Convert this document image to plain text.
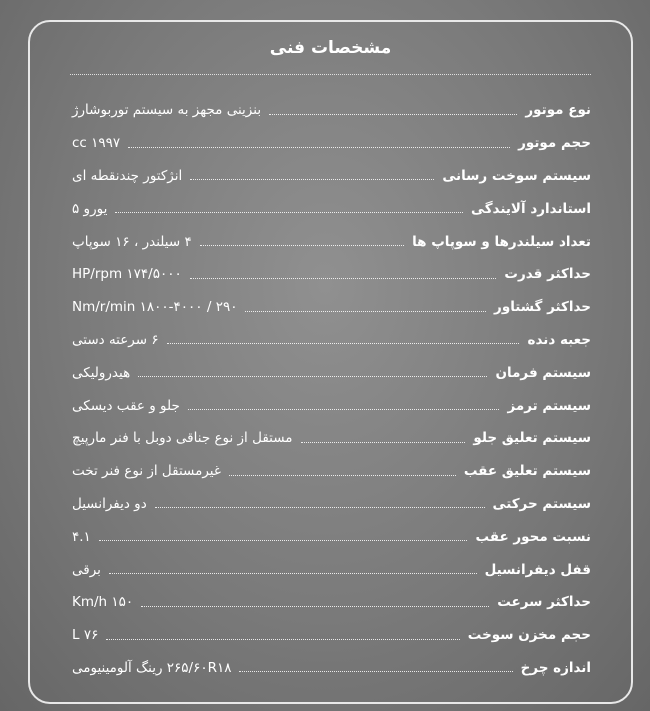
مشخصات فنی
نوع موتور
بنزینی مجهز به سیستم توربوشارژ
حجم موتور
۱۹۹۷ cc
سیستم سوخت رسانی
انژکتور چندنقطه ای
استاندارد آلایندگی
یورو ۵
تعداد سیلندرها و سوپاپ ها
۴ سیلندر ، ۱۶ سوپاپ
حداکثر قدرت
۱۷۴/۵۰۰۰ HP/rpm
حداکثر گشتاور
۲۹۰ / ۱۸۰۰-۴۰۰۰ Nm/r/min
جعبه دنده
۶ سرعته دستی
سیستم فرمان
هیدرولیکی
سیستم ترمز
جلو و عقب دیسکی
سیستم تعلیق جلو
مستقل از نوع جناقی دوبل با فنر مارپیچ
سیستم تعلیق عقب
غیرمستقل از نوع فنر تخت
سیستم حرکتی
دو دیفرانسیل
نسبت محور عقب
۴.۱
قفل دیفرانسیل
برقی
حداکثر سرعت
۱۵۰ Km/h
حجم مخزن سوخت
۷۶ L
اندازه چرخ
۲۶۵/۶۰R۱۸ رینگ آلومینیومی
